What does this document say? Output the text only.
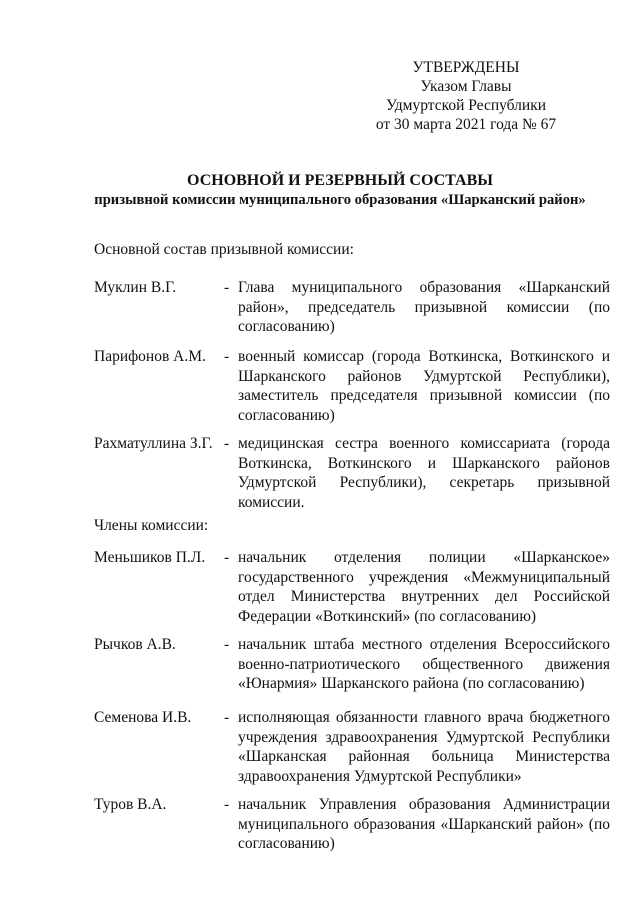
УТВЕРЖДЕНЫ
Указом Главы
Удмуртской Республики
от 30 марта 2021 года № 67
ОСНОВНОЙ И РЕЗЕРВНЫЙ СОСТАВЫ
призывной комиссии муниципального образования «Шарканский район»
Основной состав призывной комиссии:
Муклин В.Г.	- Глава муниципального образования «Шарканский район», председатель призывной комиссии (по согласованию)
Парифонов А.М. - военный комиссар (города Воткинска, Воткинского и Шарканского районов Удмуртской Республики), заместитель председателя призывной комиссии (по согласованию)
Рахматуллина З.Г. - медицинская сестра военного комиссариата (города Воткинска, Воткинского и Шарканского районов Удмуртской Республики), секретарь призывной комиссии.
Члены комиссии:
Меньшиков П.Л. - начальник отделения полиции «Шарканское» государственного учреждения «Межмуниципальный отдел Министерства внутренних дел Российской Федерации «Воткинский» (по согласованию)
Рычков А.В.	- начальник штаба местного отделения Всероссийского военно-патриотического общественного движения «Юнармия» Шарканского района (по согласованию)
Семенова И.В. - исполняющая обязанности главного врача бюджетного учреждения здравоохранения Удмуртской Республики «Шарканская районная больница Министерства здравоохранения Удмуртской Республики»
Туров В.А.	- начальник Управления образования Администрации муниципального образования «Шарканский район» (по согласованию)
